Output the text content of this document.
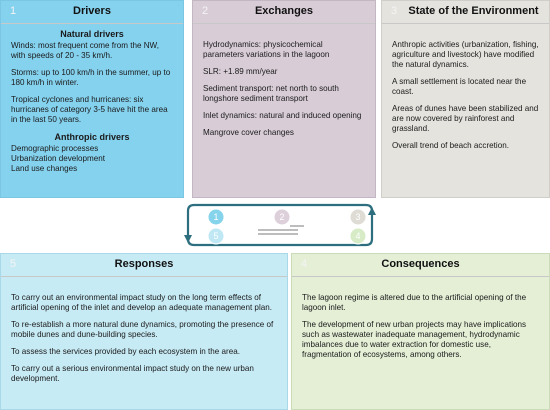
1	Drivers
Natural drivers

Winds: most frequent come from the NW, with speeds of 20 - 35 km/h.

Storms: up to 100 km/h in the summer, up to 180 km/h in winter.

Tropical cyclones and hurricanes: six hurricanes of category 3-5 have hit the area in the last 50 years.

Anthropic drivers
Demographic processes
Urbanization development
Land use changes
2	Exchanges

Hydrodynamics: physicochemical parameters variations in the lagoon

SLR: +1.89 mm/year

Sediment transport: net north to south longshore sediment transport

Inlet dynamics: natural and induced opening

Mangrove cover changes

3	State of the Environment

Anthropic activities (urbanization, fishing, agriculture and livestock) have modified the natural dynamics.

A small settlement is located near the coast.

Areas of dunes have been stabilized and are now covered by rainforest and grassland.

Overall trend of beach accretion.

1	2	3
4
5
5	Responses

To carry out an environmental impact study on the long term effects of artificial opening of the inlet and develop an adequate management plan.

To re-establish a more natural dune dynamics, promoting the presence of mobile dunes and dune-building species.

To assess the services provided by each ecosystem in the area.

To carry out a serious environmental impact study on the new urban development.

4	Consequences

The lagoon regime is altered due to the artificial opening of the lagoon inlet.

The development of new urban projects may have implications such as wastewater inadequate management, hydrodynamic imbalances due to water extraction for domestic use, fragmentation of ecosystems, among others.
